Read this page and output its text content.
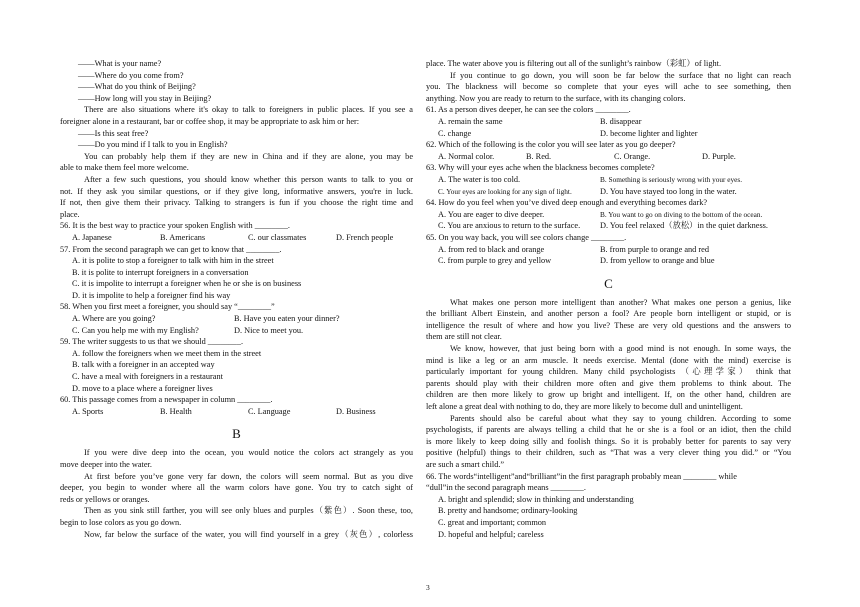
——What is your name?
——Where do you come from?
——What do you think of Beijing?
——How long will you stay in Beijing?
There are also situations where it's okay to talk to foreigners in public places. If you see a
foreigner alone in a restaurant, bar or coffee shop, it may be appropriate to ask him or her:
——Is this seat free?
——Do you mind if I talk to you in English?
You can probably help them if they are new in China and if they are alone, you may be
able to make them feel more welcome.
After a few such questions, you should know whether this person wants to talk to you or
not. If they ask you similar questions, or if they give long, informative answers, you're in luck.
If not, then give them their privacy. Talking to strangers is fun if you choose the right time and
place.
56. It is the best way to practice your spoken English with ________.
A. Japanese	B. Americans	C. our classmates	D. French people
57. From the second paragraph we can get to know that ________.
A. it is polite to stop a foreigner to talk with him in the street
B. it is polite to interrupt foreigners in a conversation
C. it is impolite to interrupt a foreigner when he or she is on business
D. it is impolite to help a foreigner find his way
58. When you first meet a foreigner, you should say “________”
A. Where are you going?	B. Have you eaten your dinner?
C. Can you help me with my English?	D. Nice to meet you.
59. The writer suggests to us that we should ________.
A. follow the foreigners when we meet them in the street
B. talk with a foreigner in an accepted way
C. have a meal with foreigners in a restaurant
D. move to a place where a foreigner lives
60. This passage comes from a newspaper in column ________.
A. Sports	B. Health	C. Language	D. Business
B
If you were dive deep into the ocean, you would notice the colors act strangely as you
move deeper into the water.
At first before you’ve gone very far down, the colors will seem normal. But as you dive
deeper, you begin to wonder where all the warm colors have gone. You try to catch sight of
reds or yellows or oranges.
Then as you sink still farther, you will see only blues and purples（紫色）. Soon these, too,
begin to lose colors as you go down.
Now, far below the surface of the water, you will find yourself in a grey（灰色）, colorless
place. The water above you is filtering out all of the sunlight’s rainbow（彩虹）of light.
If you continue to go down, you will soon be far below the surface that no light can reach
you. The blackness will become so complete that your eyes will ache to see something, then
anything. Now you are ready to return to the surface, with its changing colors.
61. As a person dives deeper, he can see the colors ________.
A. remain the same	B. disappear
C. change	D. become lighter and lighter
62. Which of the following is the color you will see later as you go deeper?
A. Normal color.	B. Red.	C. Orange.	D. Purple.
63. Why will your eyes ache when the blackness becomes complete?
A. The water is too cold.	B. Something is seriously wrong with your eyes.
C. Your eyes are looking for any sign of light.	D. You have stayed too long in the water.
64. How do you feel when you’ve dived deep enough and everything becomes dark?
A. You are eager to dive deeper.	B. You want to go on diving to the bottom of the ocean.
C. You are anxious to return to the surface.	D. You feel relaxed（放松）in the quiet darkness.
65. On you way back, you will see colors change ________.
A. from red to black and orange	B. from purple to orange and red
C. from purple to grey and yellow	D. from yellow to orange and blue
C
What makes one person more intelligent than another? What makes one person a genius, like
the brilliant Albert Einstein, and another person a fool? Are people born intelligent or stupid, or is
intelligence the result of where and how you live? These are very old questions and the answers to
them are still not clear.
We know, however, that just being born with a good mind is not enough. In some ways, the
mind is like a leg or an arm muscle. It needs exercise. Mental (done with the mind) exercise is
particularly important for young children. Many child psychologists （心理学家） think that
parents should play with their children more often and give them problems to think about. The
children are then more likely to grow up bright and intelligent. If, on the other hand, children are
left alone a great deal with nothing to do, they are more likely to become dull and unintelligent.
Parents should also be careful about what they say to young children. According to some
psychologists, if parents are always telling a child that he or she is a fool or an idiot, then the child
is more likely to keep doing silly and foolish things. So it is probably better for parents to say very
positive (helpful) things to their children, such as “That was a very clever thing you did.” or “You
are such a smart child.”
66. The words“intelligent”and“brilliant”in the first paragraph probably mean ________ while
“dull”in the second paragraph means ________.
A. bright and splendid; slow in thinking and understanding
B. pretty and handsome; ordinary-looking
C. great and important; common
D. hopeful and helpful; careless
3
